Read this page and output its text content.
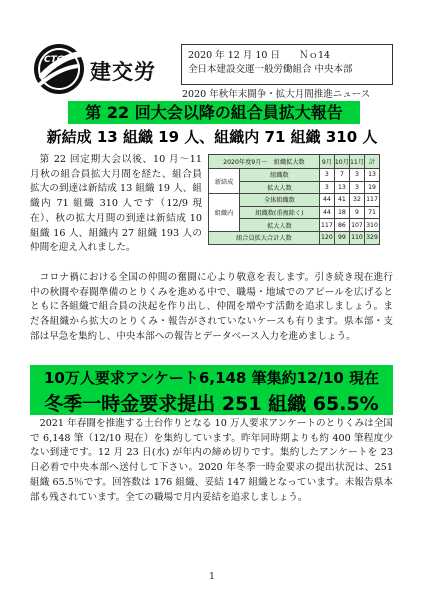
CTG 建交労
2020 年 12 月 10 日　　Ｎｏ14
全日本建設交運一般労働組合 中央本部
2020 年秋年末闘争・拡大月間推進ニュース
第 22 回大会以降の組合員拡大報告
新結成 13 組織 19 人、組織内 71 組織 310 人
第 22 回定期大会以後、10 月～11 月秋の組合員拡大月間を経た、組合員拡大の到達は新結成 13 組織 19 人、組織内 71 組織 310 人です（12/9 現在）、秋の拡大月間の到達は新結成 10 組織 16 人、組織内 27 組織 193 人の仲間を迎え入れました。
2020年度9月～　組織拡大数		9月	10月	11月	計
新結成	組織数	3	7	3	13
	拡大人数	3	13	3	19
組織内	全体組織数	44	41	32	117
	組織数(重複除く)	44	18	9	71
	拡大人数	117	86	107	310
組合員拡大合計人数		120	99	110	329
コロナ禍における全国の仲間の奮闘に心より敬意を表します。引き続き現在進行中の秋闘や春闘準備のとりくみを進める中で、職場・地域でのアピールを広げるとともに各組織で組合員の決起を作り出し、仲間を増やす活動を追求しましょう。まだ各組織から拡大のとりくみ・報告がされていないケースも有ります。県本部・支部は早急を集約し、中央本部への報告とデータベース入力を進めましょう。
10万人要求アンケート6,148 筆集約12/10 現在
冬季一時金要求提出 251 組織 65.5%
2021 年春闘を推進する土台作りとなる 10 万人要求アンケートのとりくみは全国で 6,148 筆（12/10 現在）を集約しています。昨年同時期よりも約 400 筆程度少ない到達です。12 月 23 日(水) が年内の締め切りです。集約したアンケートを 23 日必着で中央本部へ送付して下さい。2020 年冬季一時金要求の提出状況は、251 組織 65.5％です。回答数は 176 組織、妥結 147 組織となっています。未報告県本部も残されています。全ての職場で月内妥結を追求しましょう。
1
